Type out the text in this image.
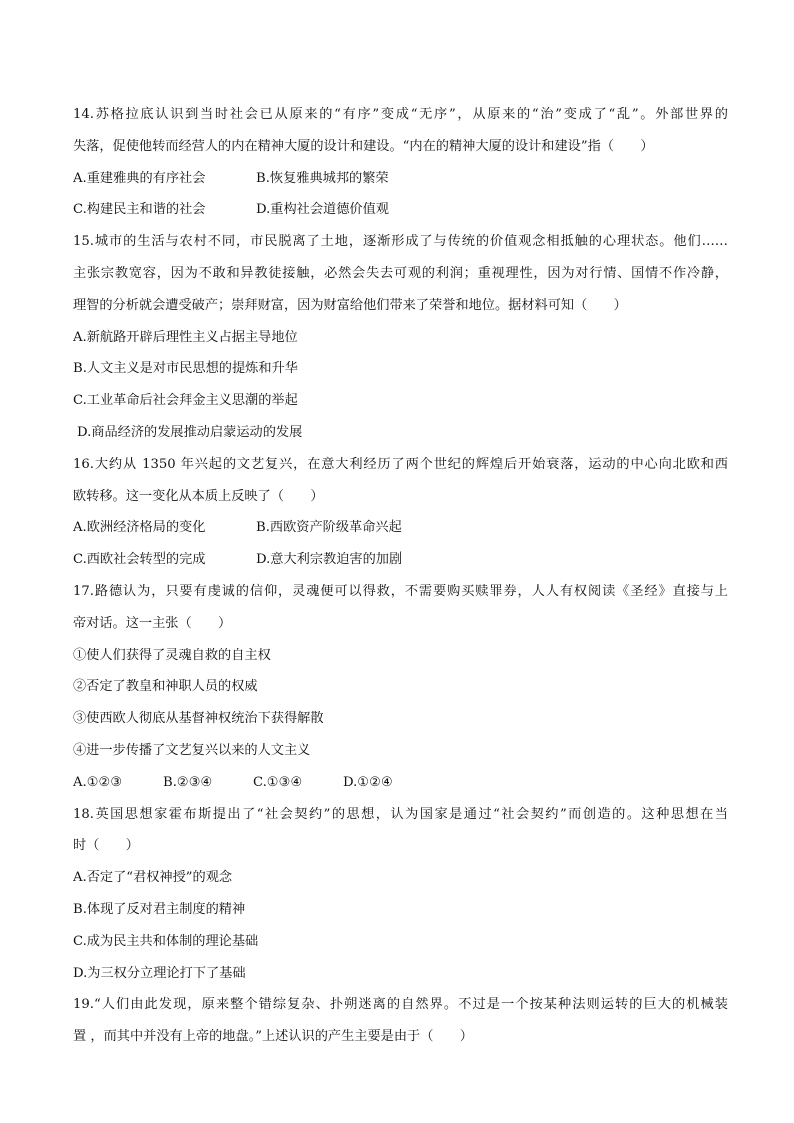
14.苏格拉底认识到当时社会已从原来的“有序”变成“无序”，从原来的“治”变成了“乱”。外部世界的
失落，促使他转而经营人的内在精神大厦的设计和建设。“内在的精神大厦的设计和建设”指（　　）
A.重建雅典的有序社会	B.恢复雅典城邦的繁荣
C.构建民主和谐的社会	D.重构社会道德价值观
15.城市的生活与农村不同，市民脱离了土地，逐渐形成了与传统的价值观念相抵触的心理状态。他们……
主张宗教宽容，因为不敢和异教徒接触，必然会失去可观的利润；重视理性，因为对行情、国情不作冷静，
理智的分析就会遭受破产；崇拜财富，因为财富给他们带来了荣誉和地位。据材料可知（　　）
A.新航路开辟后理性主义占据主导地位
B.人文主义是对市民思想的提炼和升华
C.工业革命后社会拜金主义思潮的举起
D.商品经济的发展推动启蒙运动的发展
16.大约从 1350 年兴起的文艺复兴，在意大利经历了两个世纪的辉煌后开始衰落，运动的中心向北欧和西
欧转移。这一变化从本质上反映了（　　）
A.欧洲经济格局的变化	B.西欧资产阶级革命兴起
C.西欧社会转型的完成	D.意大利宗教迫害的加剧
17.路德认为，只要有虔诚的信仰，灵魂便可以得救，不需要购买赎罪券，人人有权阅读《圣经》直接与上
帝对话。这一主张（　　）
①使人们获得了灵魂自救的自主权
②否定了教皇和神职人员的权威
③使西欧人彻底从基督神权统治下获得解散
④进一步传播了文艺复兴以来的人文主义
A.①②③	B.②③④	C.①③④	D.①②④
18.英国思想家霍布斯提出了“社会契约”的思想，认为国家是通过“社会契约”而创造的。这种思想在当
时（　　）
A.否定了“君权神授”的观念
B.体现了反对君主制度的精神
C.成为民主共和体制的理论基础
D.为三权分立理论打下了基础
19.“人们由此发现，原来整个错综复杂、扑朔迷离的自然界。不过是一个按某种法则运转的巨大的机械装
置 ，而其中并没有上帝的地盘。”上述认识的产生主要是由于（　　）
